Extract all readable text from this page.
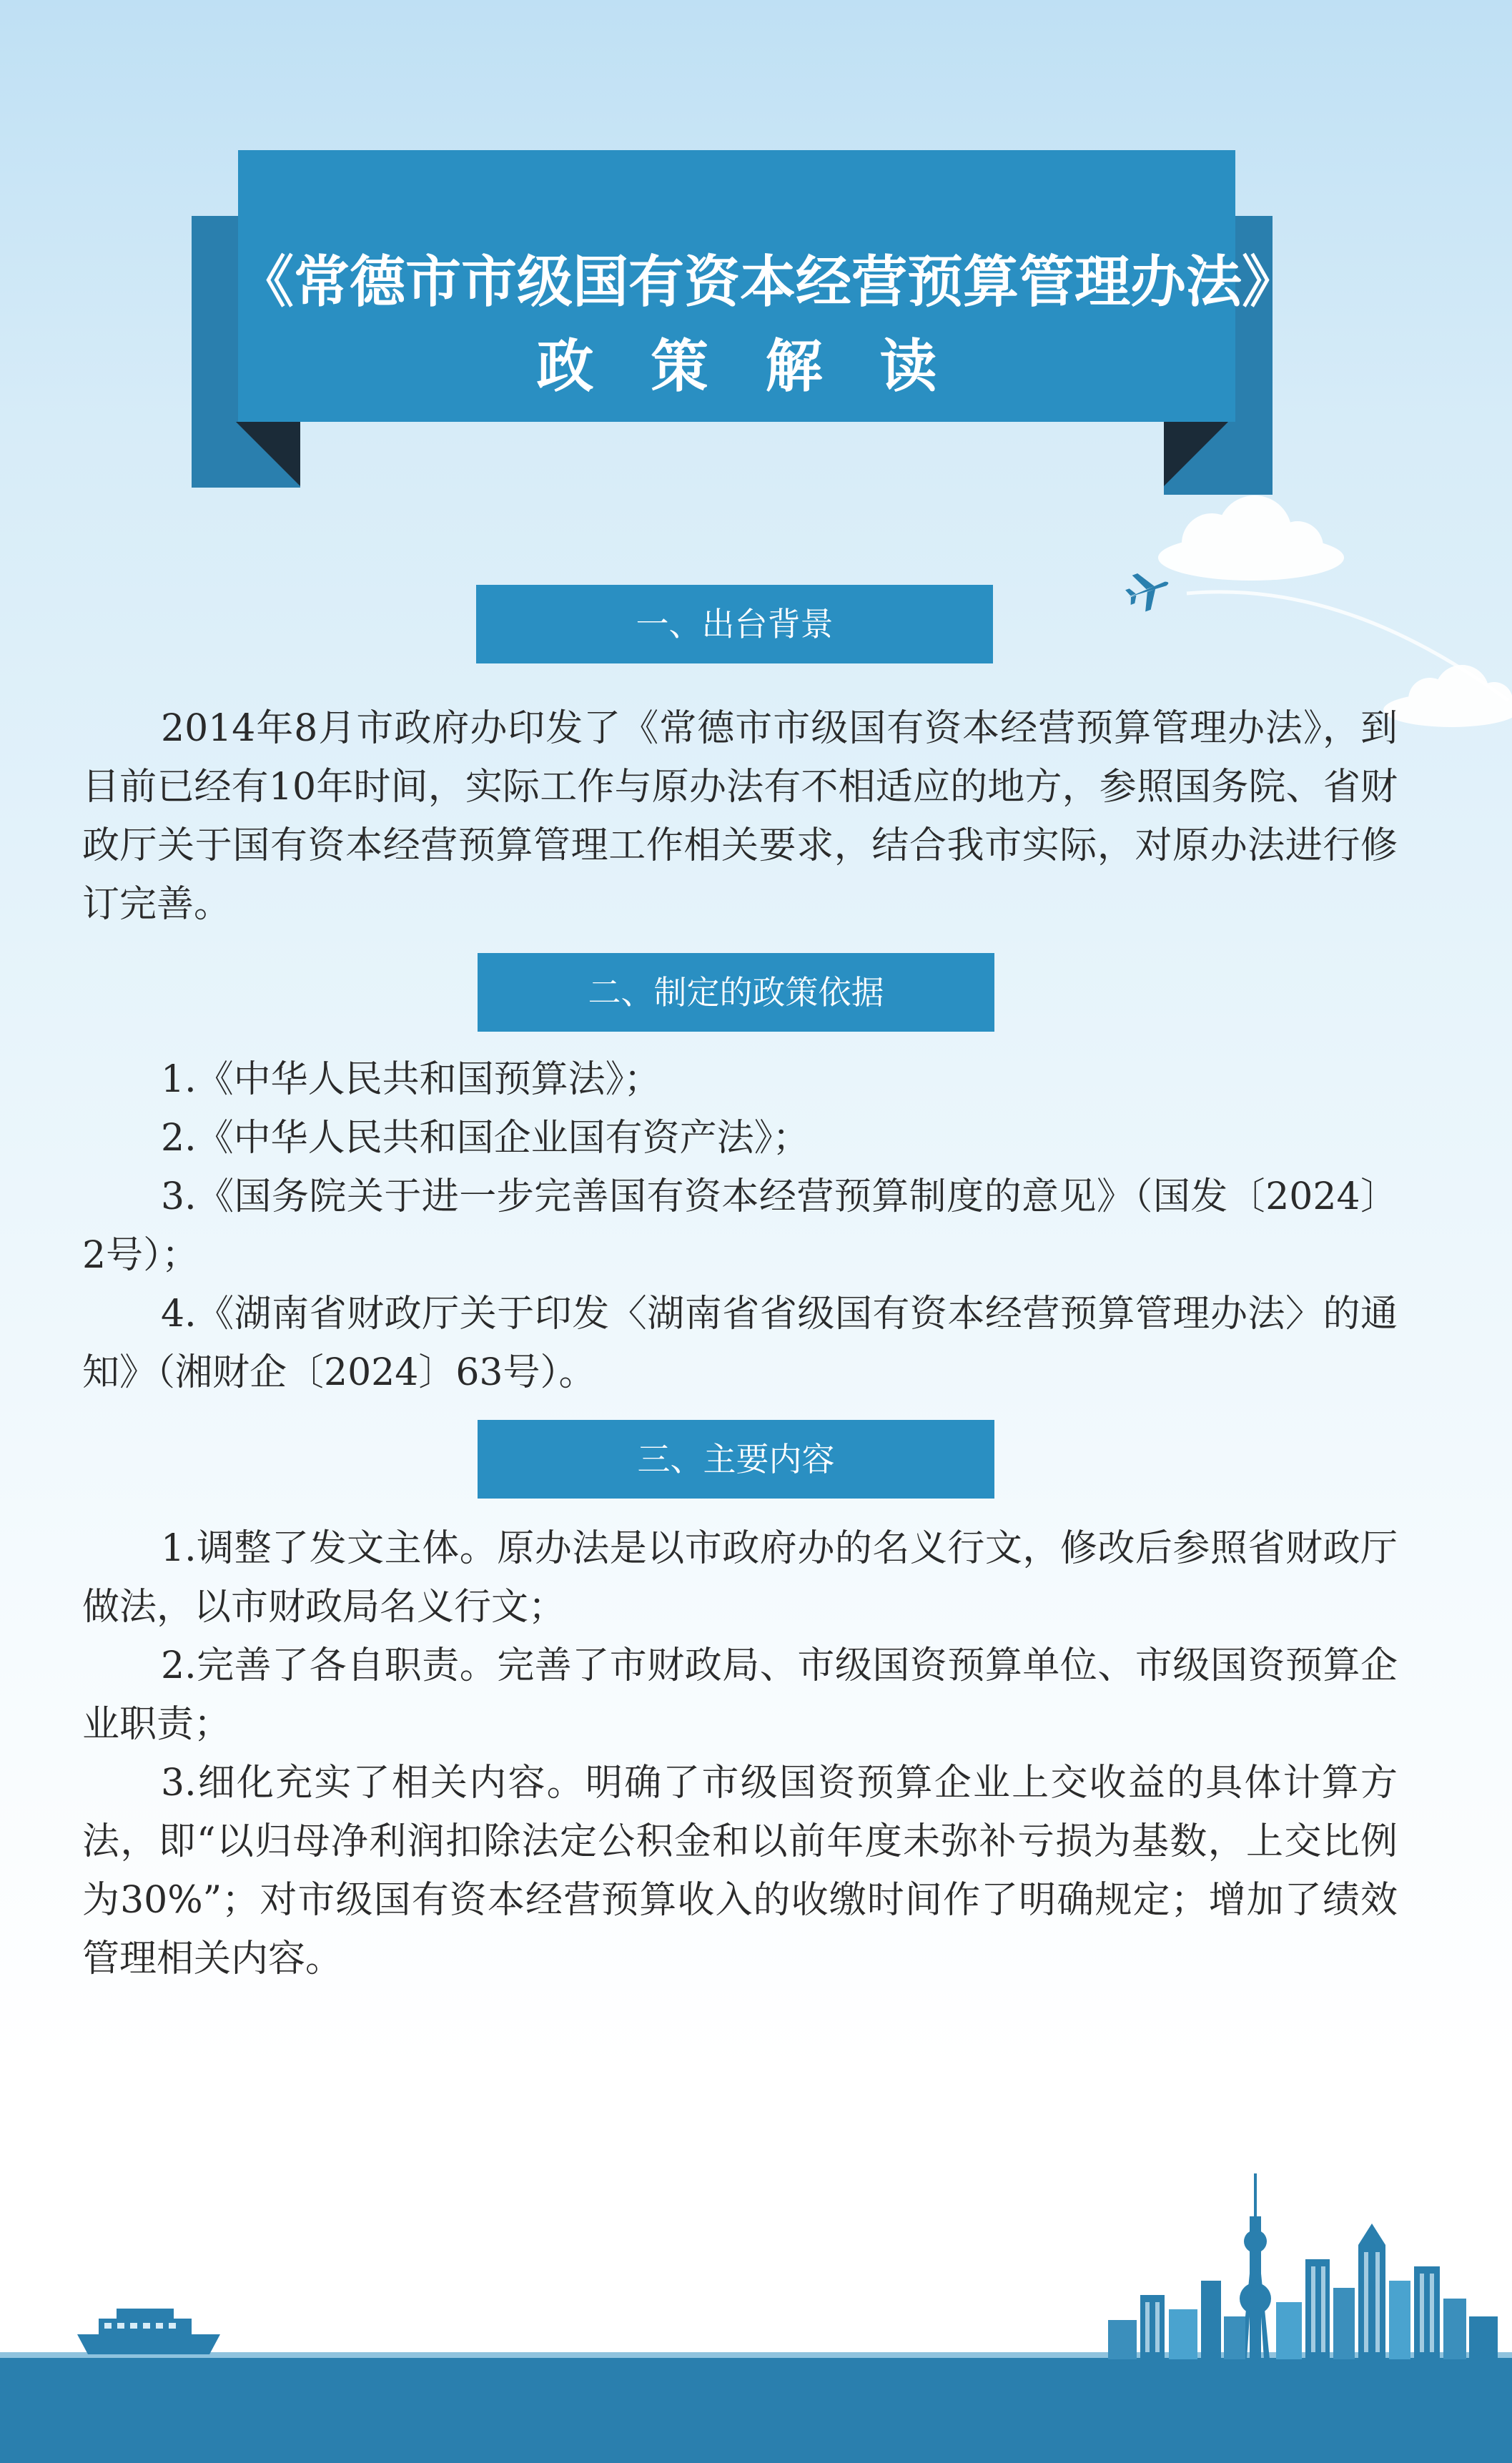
《常德市市级国有资本经营预算管理办法》
政策解读
一、出台背景
2014年8月市政府办印发了《常德市市级国有资本经营预算管理办法》，到目前已经有10年时间，实际工作与原办法有不相适应的地方，参照国务院、省财政厅关于国有资本经营预算管理工作相关要求，结合我市实际，对原办法进行修订完善。
二、制定的政策依据
1.《中华人民共和国预算法》；
2.《中华人民共和国企业国有资产法》；
3.《国务院关于进一步完善国有资本经营预算制度的意见》（国发〔2024〕2号）；
4.《湖南省财政厅关于印发〈湖南省省级国有资本经营预算管理办法〉的通知》（湘财企〔2024〕63号）。
三、主要内容
1.调整了发文主体。原办法是以市政府办的名义行文，修改后参照省财政厅做法，以市财政局名义行文；
2.完善了各自职责。完善了市财政局、市级国资预算单位、市级国资预算企业职责；
3.细化充实了相关内容。明确了市级国资预算企业上交收益的具体计算方法，即“以归母净利润扣除法定公积金和以前年度未弥补亏损为基数，上交比例为30%”；对市级国有资本经营预算收入的收缴时间作了明确规定；增加了绩效管理相关内容。
